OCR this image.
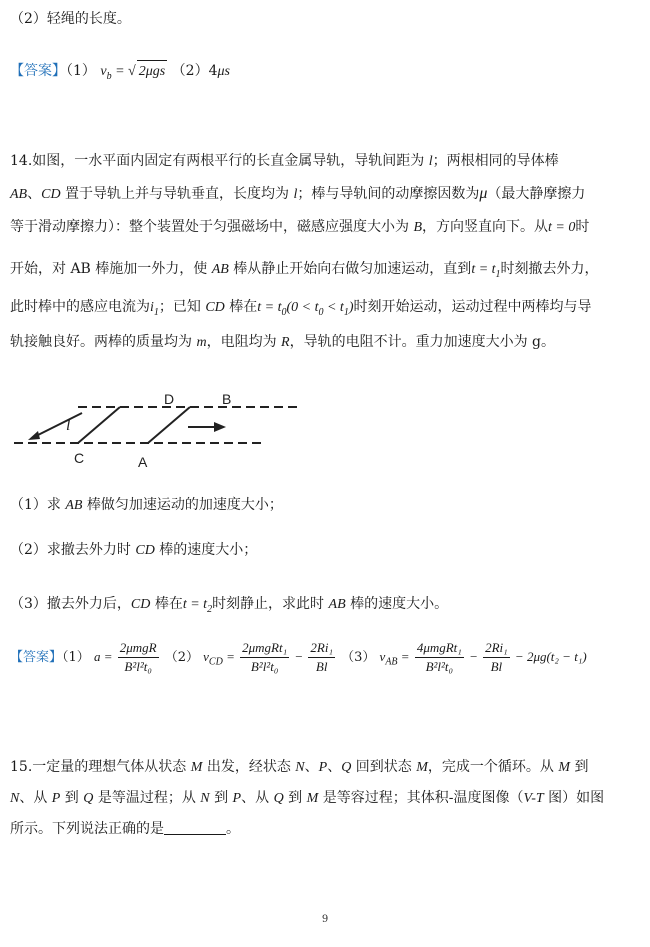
（2）轻绳的长度。
【答案】（1） $v_b$ = √ 2μgs （2）4μs
14.如图，一水平面内固定有两根平行的长直金属导轨，导轨间距为 l；两根相同的导体棒
AB、CD 置于导轨上并与导轨垂直，长度均为 l；棒与导轨间的动摩擦因数为μ（最大静摩擦力
等于滑动摩擦力）：整个装置处于匀强磁场中，磁感应强度大小为 B，方向竖直向下。从t = 0时
开始，对 AB 棒施加一外力，使 AB 棒从静止开始向右做匀加速运动，直到$t = t_1$时刻撤去外力，
此时棒中的感应电流为$i_1$；已知 CD 棒在$t = t_0(0 < t_0 < t_1)$时刻开始运动，运动过程中两棒均与导
轨接触良好。两棒的质量均为 m，电阻均为 R，导轨的电阻不计。重力加速度大小为 g。
D	B
C	A
l
（1）求 AB 棒做匀加速运动的加速度大小；
（2）求撤去外力时 CD 棒的速度大小；
（3）撤去外力后，CD 棒在$t = t_2$时刻静止，求此时 AB 棒的速度大小。
【答案】（1） $a = \frac{\text{2μmgR}}{\text{B²l²t₀}} (2) v_{CD} = \frac{\text{2μmgRt₁}}{\text{B²l²t₀}} - \frac{\text{2Ri₁}}{Bl} (3) v_{AB} = \frac{\text{4μmgRt₁}}{\text{B²l²t₀}} - \frac{\text{2Ri₁}}{Bl} - 2\mu g(t_2 - t_1)$
15.一定量的理想气体从状态 M 出发，经状态 N、P、Q 回到状态 M，完成一个循环。从 M 到
N、从 P 到 Q 是等温过程；从 N 到 P、从 Q 到 M 是等容过程；其体积-温度图像（V-T 图）如图
所示。下列说法正确的是	。
9
